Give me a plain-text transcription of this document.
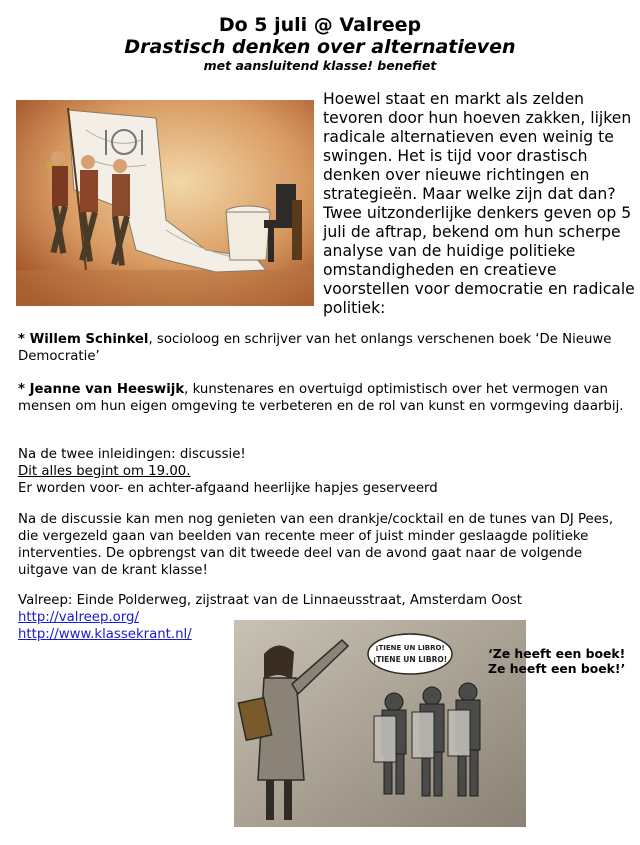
Do 5 juli @ Valreep
Drastisch denken over alternatieven
met aansluitend klasse! benefiet
Hoewel staat en markt als zelden tevoren door hun hoeven zakken, lijken radicale alternatieven even weinig te swingen. Het is tijd voor drastisch denken over nieuwe richtingen en strategieën. Maar welke zijn dat dan? Twee uitzonderlijke denkers geven op 5 juli de aftrap, bekend om hun scherpe analyse van de huidige politieke omstandigheden en creatieve voorstellen voor democratie en radicale politiek:
* Willem Schinkel, socioloog en schrijver van het onlangs verschenen boek ‘De Nieuwe Democratie’
* Jeanne van Heeswijk, kunstenares en overtuigd optimistisch over het vermogen van mensen om hun eigen omgeving te verbeteren en de rol van kunst en vormgeving daarbij.
Na de twee inleidingen: discussie!
Dit alles begint om 19.00.
Er worden voor- en achter-afgaand heerlijke hapjes geserveerd
Na de discussie kan men nog genieten van een drankje/cocktail en de tunes van DJ Pees, die vergezeld gaan van beelden van recente meer of juist minder geslaagde politieke interventies. De opbrengst van dit tweede deel van de avond gaat naar de volgende uitgave van de krant klasse!
Valreep: Einde Polderweg, zijstraat van de Linnaeusstraat, Amsterdam Oost
http://valreep.org/
http://www.klassekrant.nl/
¡TIENE UN LIBRO!
¡TIENE UN LIBRO!	‘Ze heeft een boek!
Ze heeft een boek!’
